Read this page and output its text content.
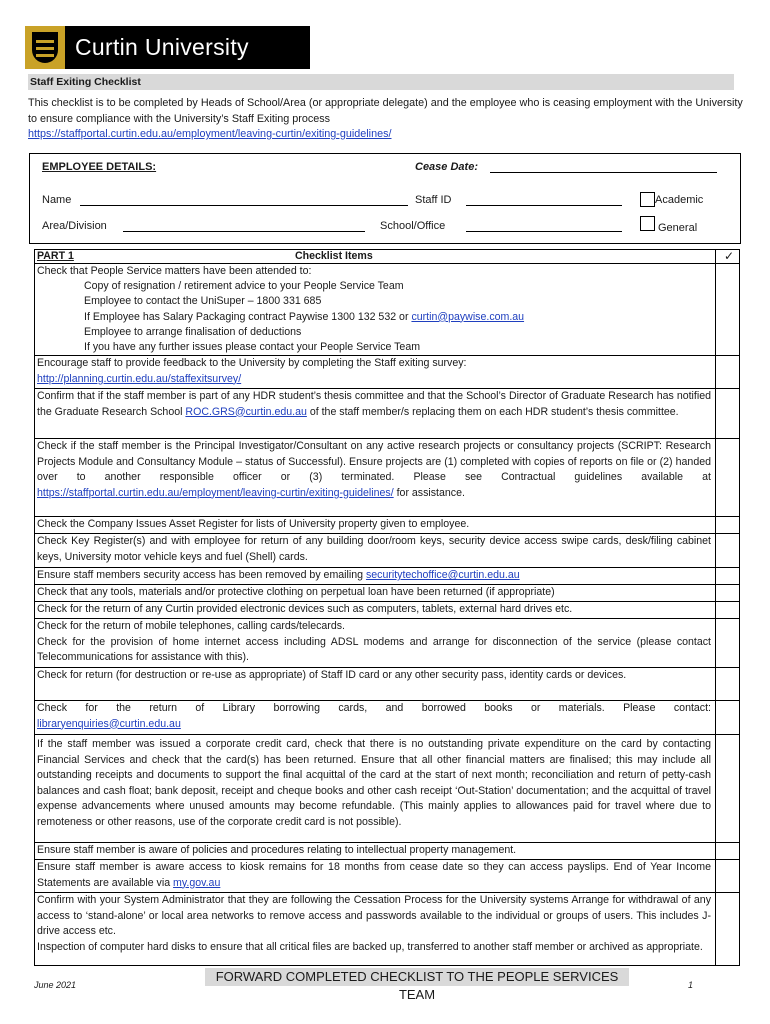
Curtin University
Staff Exiting Checklist
This checklist is to be completed by Heads of School/Area (or appropriate delegate) and the employee who is ceasing employment with the University to ensure compliance with the University’s Staff Exiting process
https://staffportal.curtin.edu.au/employment/leaving-curtin/exiting-guidelines/
EMPLOYEE DETAILS:	Cease Date:
Name	Staff ID	Academic
Area/Division	School/Office	General
PART 1	Checklist Items	✓
Check that People Service matters have been attended to:
Copy of resignation / retirement advice to your People Service Team
Employee to contact the UniSuper – 1800 331 685
If Employee has Salary Packaging contract Paywise 1300 132 532 or curtin@paywise.com.au
Employee to arrange finalisation of deductions
If you have any further issues please contact your People Service Team
Encourage staff to provide feedback to the University by completing the Staff exiting survey:
http://planning.curtin.edu.au/staffexitsurvey/
Confirm that if the staff member is part of any HDR student’s thesis committee and that the School’s Director of Graduate Research has notified the Graduate Research School ROC.GRS@curtin.edu.au of the staff member/s replacing them on each HDR student’s thesis committee.
Check if the staff member is the Principal Investigator/Consultant on any active research projects or consultancy projects (SCRIPT: Research Projects Module and Consultancy Module – status of Successful). Ensure projects are (1) completed with copies of reports on file or (2) handed over to another responsible officer or (3) terminated. Please see Contractual guidelines available at https://staffportal.curtin.edu.au/employment/leaving-curtin/exiting-guidelines/ for assistance.
Check the Company Issues Asset Register for lists of University property given to employee.
Check Key Register(s) and with employee for return of any building door/room keys, security device access swipe cards, desk/filing cabinet keys, University motor vehicle keys and fuel (Shell) cards.
Ensure staff members security access has been removed by emailing securitytechoffice@curtin.edu.au
Check that any tools, materials and/or protective clothing on perpetual loan have been returned (if appropriate)
Check for the return of any Curtin provided electronic devices such as computers, tablets, external hard drives etc.
Check for the return of mobile telephones, calling cards/telecards.
Check for the provision of home internet access including ADSL modems and arrange for disconnection of the service (please contact Telecommunications for assistance with this).
Check for return (for destruction or re-use as appropriate) of Staff ID card or any other security pass, identity cards or devices.
Check for the return of Library borrowing cards, and borrowed books or materials. Please contact:
libraryenquiries@curtin.edu.au
If the staff member was issued a corporate credit card, check that there is no outstanding private expenditure on the card by contacting Financial Services and check that the card(s) has been returned. Ensure that all other financial matters are finalised; this may include all outstanding receipts and documents to support the final acquittal of the card at the start of next month; reconciliation and return of petty-cash balances and cash float; bank deposit, receipt and cheque books and other cash receipt ‘Out-Station’ documentation; and the acquittal of travel expense advancements where unused amounts may become refundable. (This mainly applies to allowances paid for travel where due to remoteness or other reasons, use of the corporate credit card is not possible).
Ensure staff member is aware of policies and procedures relating to intellectual property management.
Ensure staff member is aware access to kiosk remains for 18 months from cease date so they can access payslips. End of Year Income Statements are available via my.gov.au
Confirm with your System Administrator that they are following the Cessation Process for the University systems Arrange for withdrawal of any access to ‘stand-alone’ or local area networks to remove access and passwords available to the individual or groups of users. This includes J-drive access etc.
Inspection of computer hard disks to ensure that all critical files are backed up, transferred to another staff member or archived as appropriate.
FORWARD COMPLETED CHECKLIST TO THE PEOPLE SERVICES TEAM
June 2021	1
